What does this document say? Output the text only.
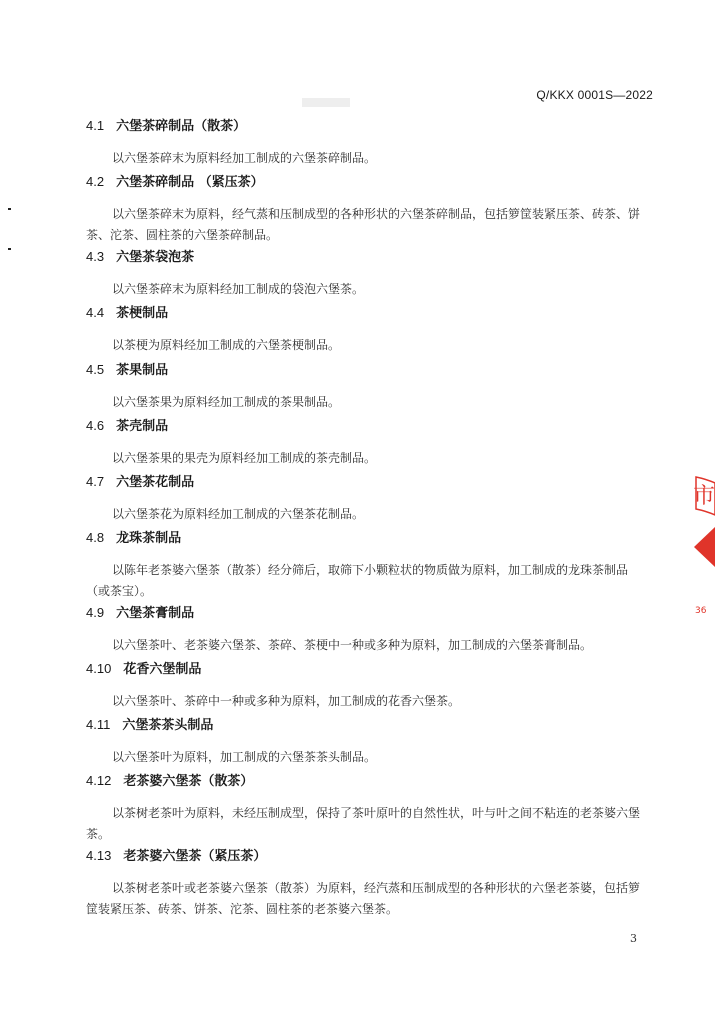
Q/KKX 0001S—2022
4.1 六堡茶碎制品（散茶）
以六堡茶碎末为原料经加工制成的六堡茶碎制品。
4.2 六堡茶碎制品 （紧压茶）
以六堡茶碎末为原料，经气蒸和压制成型的各种形状的六堡茶碎制品，包括箩筐装紧压茶、砖茶、饼茶、沱茶、圆柱茶的六堡茶碎制品。
4.3 六堡茶袋泡茶
以六堡茶碎末为原料经加工制成的袋泡六堡茶。
4.4 茶梗制品
以茶梗为原料经加工制成的六堡茶梗制品。
4.5 茶果制品
以六堡茶果为原料经加工制成的茶果制品。
4.6 茶壳制品
以六堡茶果的果壳为原料经加工制成的茶壳制品。
4.7 六堡茶花制品
以六堡茶花为原料经加工制成的六堡茶花制品。
4.8 龙珠茶制品
以陈年老茶婆六堡茶（散茶）经分筛后，取筛下小颗粒状的物质做为原料，加工制成的龙珠茶制品（或茶宝）。
4.9 六堡茶膏制品
以六堡茶叶、老茶婆六堡茶、茶碎、茶梗中一种或多种为原料，加工制成的六堡茶膏制品。
4.10 花香六堡制品
以六堡茶叶、茶碎中一种或多种为原料，加工制成的花香六堡茶。
4.11 六堡茶茶头制品
以六堡茶叶为原料，加工制成的六堡茶茶头制品。
4.12 老茶婆六堡茶（散茶）
以茶树老茶叶为原料，未经压制成型，保持了茶叶原叶的自然性状，叶与叶之间不粘连的老茶婆六堡茶。
4.13 老茶婆六堡茶（紧压茶）
以茶树老茶叶或老茶婆六堡茶（散茶）为原料，经汽蒸和压制成型的各种形状的六堡老茶婆，包括箩筐装紧压茶、砖茶、饼茶、沱茶、圆柱茶的老茶婆六堡茶。
3
市
36
